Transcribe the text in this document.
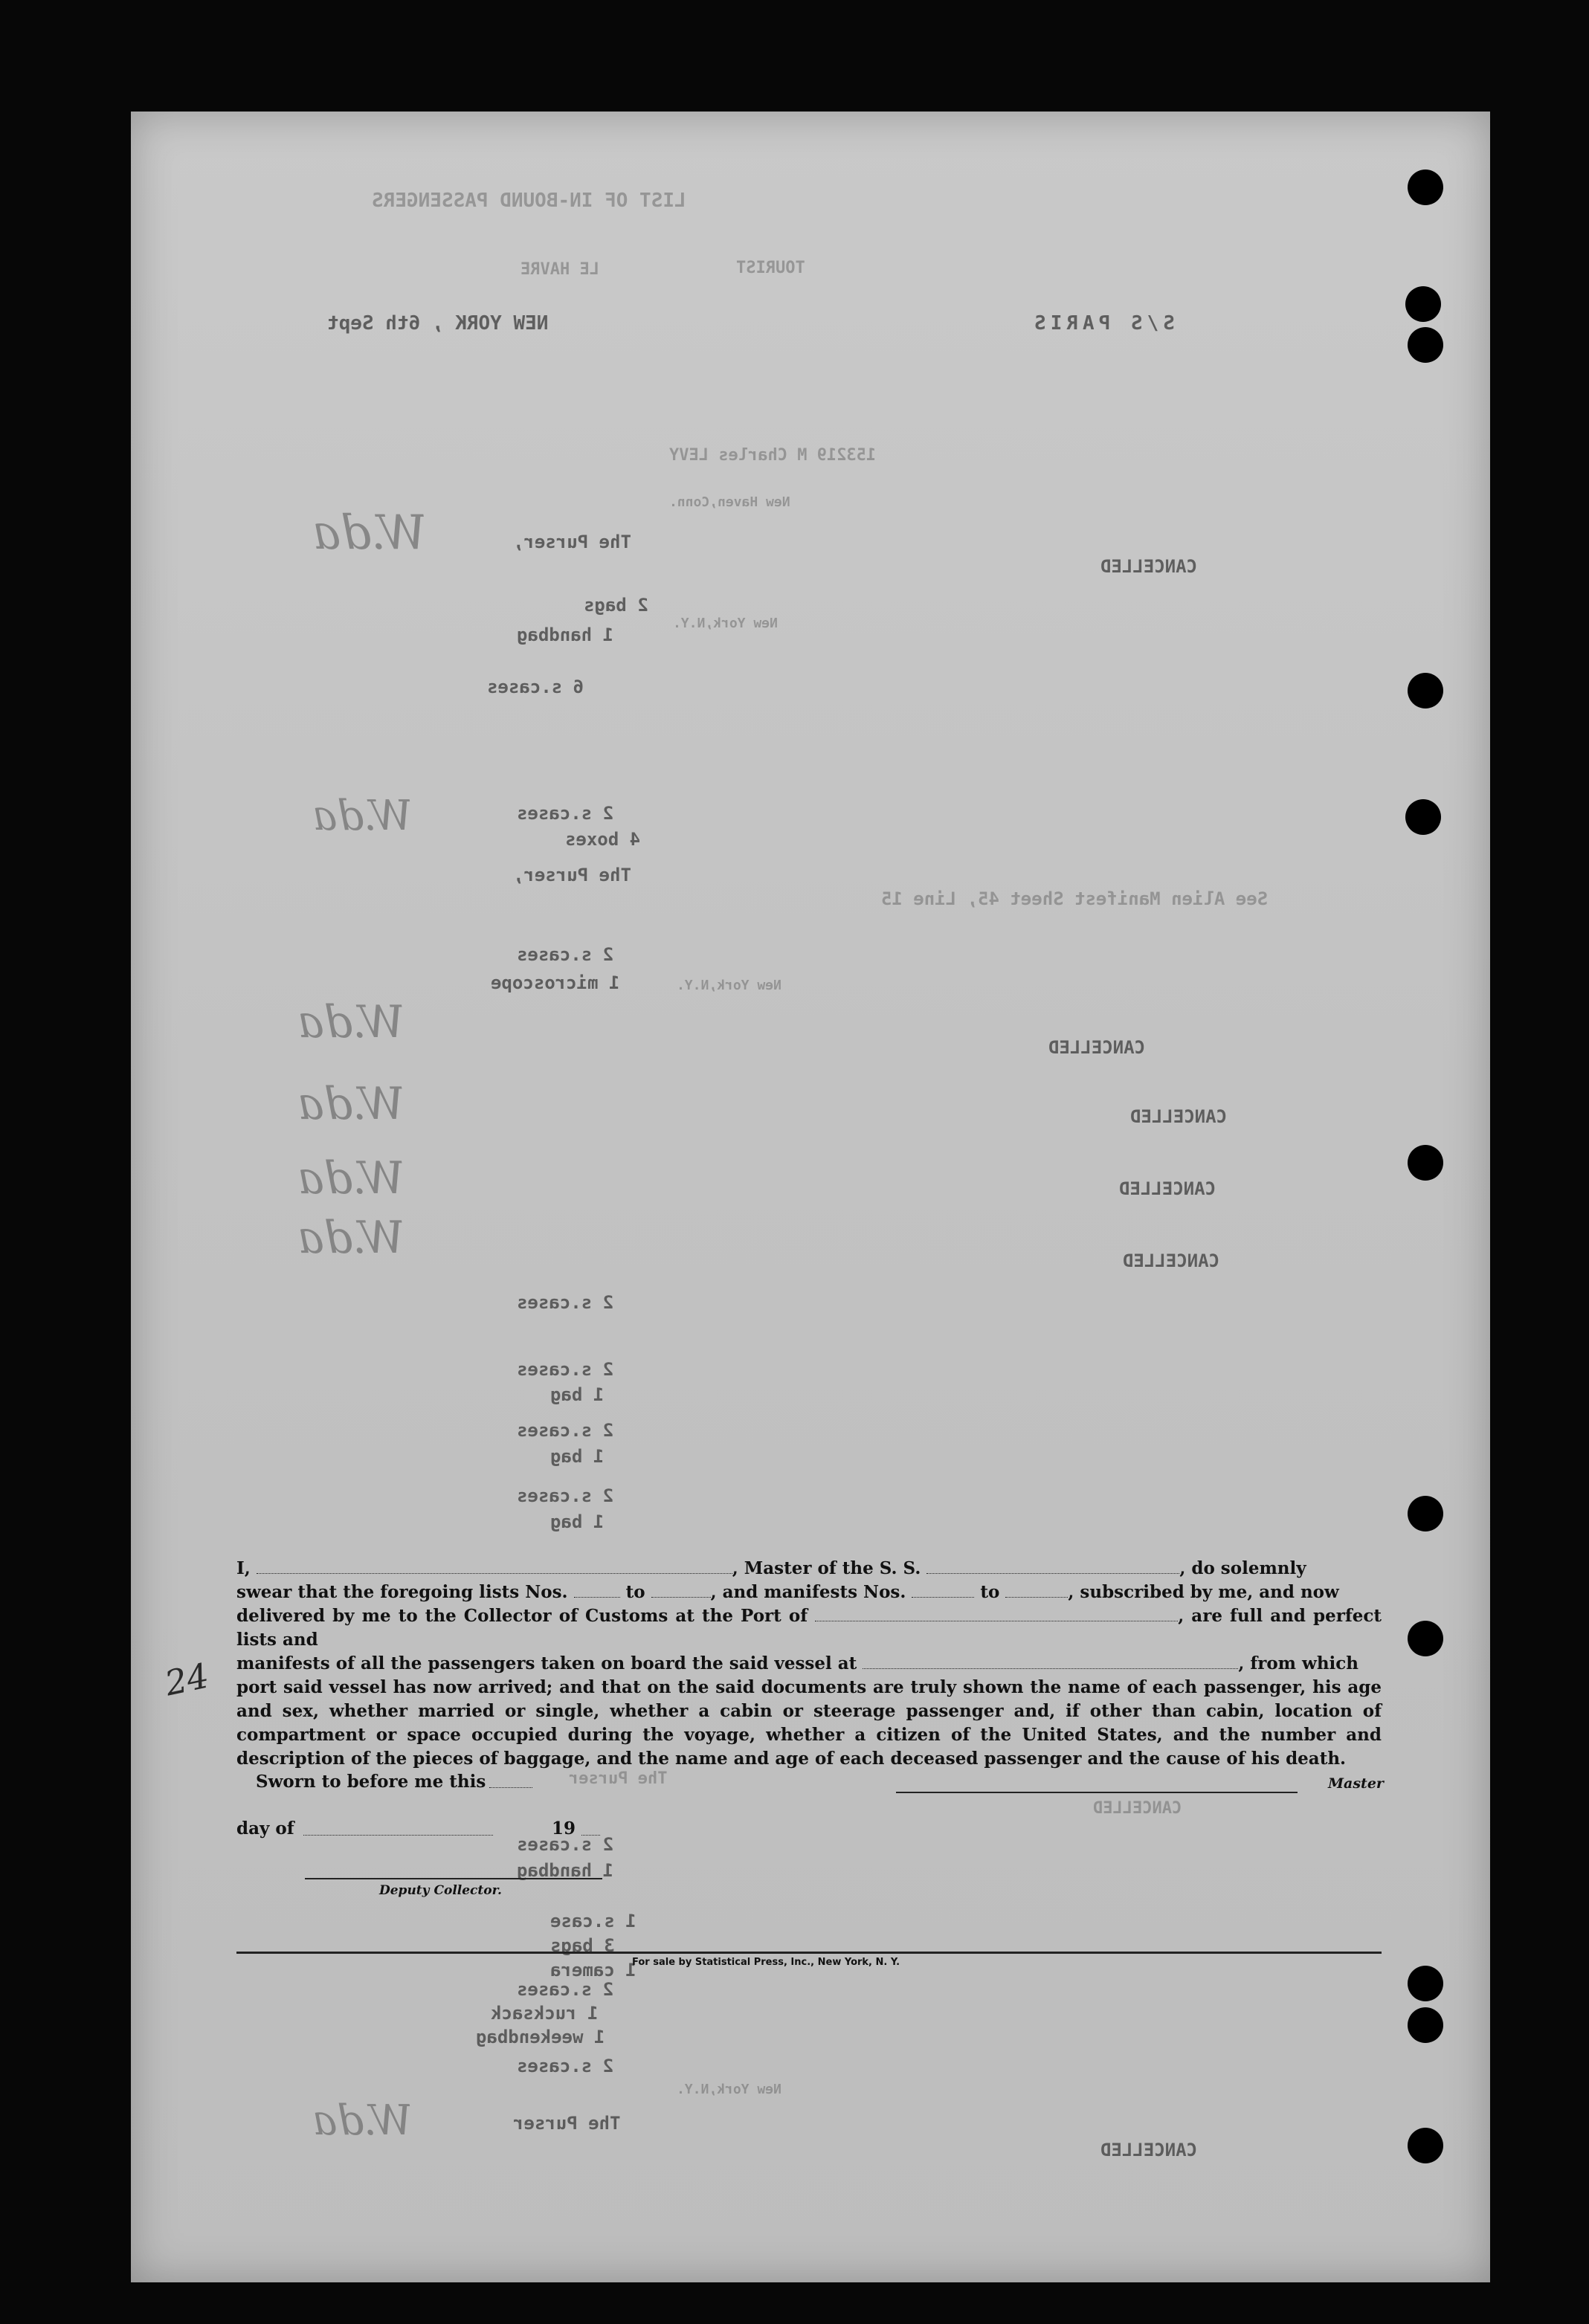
LIST OF IN-BOUND PASSENGERS
LE HAVRE	TOURIST
NEW YORK , 6th Sept	S/S PARIS
153219 M Charles LEVY
New Haven,Conn.
The Purser,
CANCELLED
2 bags
1 handbag
New York,N.Y.
6 s.cases
2 s.cases
4 boxes
The Purser,
See Alien Manifest Sheet 45, Line 15
2 s.cases
1 microscope	New York,N.Y.
CANCELLED
CANCELLED
CANCELLED
CANCELLED
2 s.cases
2 s.cases
1 bag
2 s.cases
1 bag
2 s.cases
1 bag
The Purser
CANCELLED
2 s.cases
1 handbag
1 s.case
3 bags
1 camera
2 s.cases
1 rucksack
1 weekendbag
2 s.cases
New York,N.Y.
The Purser
CANCELLED
W.da
W.da
W.da
W.da
W.da
W.da
W.da
24

I,	, Master of the S. S.	, do solemnly

swear that the foregoing lists Nos.	to	, and manifests Nos.	to	, subscribed by me, and now

delivered by me to the Collector of Customs at the Port of	, are full and perfect lists and

manifests of all the passengers taken on board the said vessel at	, from which

port said vessel has now arrived; and that on the said documents are truly shown the name of each passenger, his age and sex, whether married or single, whether a cabin or steerage passenger and, if other than cabin, location of compartment or space occupied during the voyage, whether a citizen of the United States, and the number and description of the pieces of baggage, and the name and age of each deceased passenger and the cause of his death.

Sworn to before me this	Master
day of	19
Deputy Collector.
For sale by Statistical Press, Inc., New York, N. Y.
